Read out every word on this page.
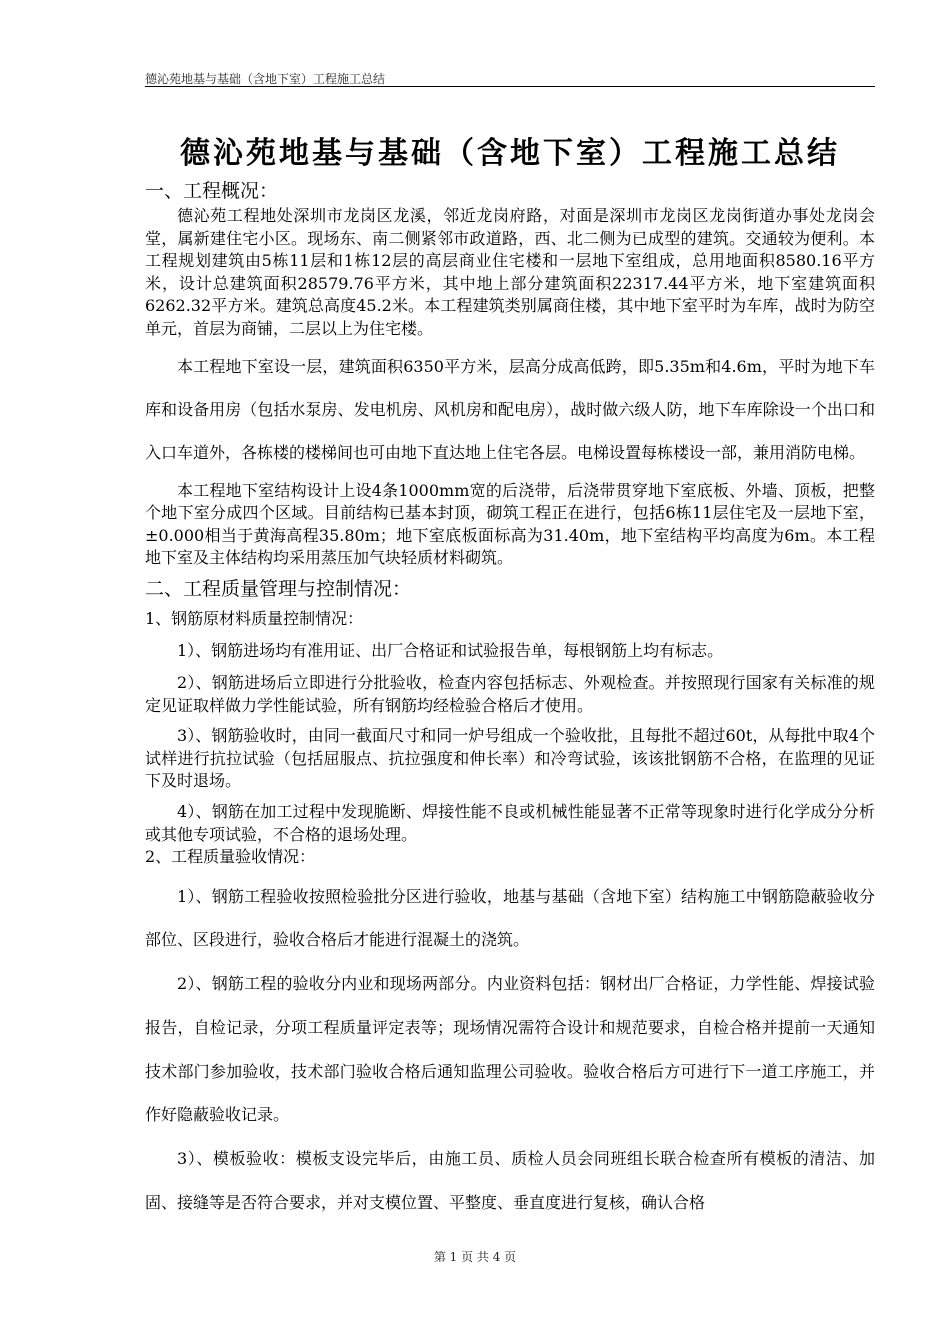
德沁苑地基与基础（含地下室）工程施工总结
德沁苑地基与基础（含地下室）工程施工总结
一、工程概况：

德沁苑工程地处深圳市龙岗区龙溪，邻近龙岗府路，对面是深圳市龙岗区龙岗街道办事处龙岗会堂，属新建住宅小区。现场东、南二侧紧邻市政道路，西、北二侧为已成型的建筑。交通较为便利。本工程规划建筑由5栋11层和1栋12层的高层商业住宅楼和一层地下室组成，总用地面积8580.16平方米，设计总建筑面积28579.76平方米，其中地上部分建筑面积22317.44平方米，地下室建筑面积6262.32平方米。建筑总高度45.2米。本工程建筑类别属商住楼，其中地下室平时为车库，战时为防空单元，首层为商铺，二层以上为住宅楼。

本工程地下室设一层，建筑面积6350平方米，层高分成高低跨，即5.35m和4.6m，平时为地下车库和设备用房（包括水泵房、发电机房、风机房和配电房），战时做六级人防，地下车库除设一个出口和入口车道外，各栋楼的楼梯间也可由地下直达地上住宅各层。电梯设置每栋楼设一部，兼用消防电梯。

本工程地下室结构设计上设4条1000mm宽的后浇带，后浇带贯穿地下室底板、外墙、顶板，把整个地下室分成四个区域。目前结构已基本封顶，砌筑工程正在进行，包括6栋11层住宅及一层地下室，±0.000相当于黄海高程35.80m；地下室底板面标高为31.40m，地下室结构平均高度为6m。本工程地下室及主体结构均采用蒸压加气块轻质材料砌筑。

二、工程质量管理与控制情况：

1、钢筋原材料质量控制情况：

1）、钢筋进场均有准用证、出厂合格证和试验报告单，每根钢筋上均有标志。

2）、钢筋进场后立即进行分批验收，检查内容包括标志、外观检查。并按照现行国家有关标准的规定见证取样做力学性能试验，所有钢筋均经检验合格后才使用。

3）、钢筋验收时，由同一截面尺寸和同一炉号组成一个验收批，且每批不超过60t，从每批中取4个试样进行抗拉试验（包括屈服点、抗拉强度和伸长率）和冷弯试验，该该批钢筋不合格，在监理的见证下及时退场。

4）、钢筋在加工过程中发现脆断、焊接性能不良或机械性能显著不正常等现象时进行化学成分分析或其他专项试验，不合格的退场处理。

2、工程质量验收情况：

1）、钢筋工程验收按照检验批分区进行验收，地基与基础（含地下室）结构施工中钢筋隐蔽验收分部位、区段进行，验收合格后才能进行混凝土的浇筑。

2）、钢筋工程的验收分内业和现场两部分。内业资料包括：钢材出厂合格证，力学性能、焊接试验报告，自检记录，分项工程质量评定表等；现场情况需符合设计和规范要求，自检合格并提前一天通知技术部门参加验收，技术部门验收合格后通知监理公司验收。验收合格后方可进行下一道工序施工，并作好隐蔽验收记录。

3）、模板验收：模板支设完毕后，由施工员、质检人员会同班组长联合检查所有模板的清洁、加固、接缝等是否符合要求，并对支模位置、平整度、垂直度进行复核，确认合格

第 1 页 共 4 页
